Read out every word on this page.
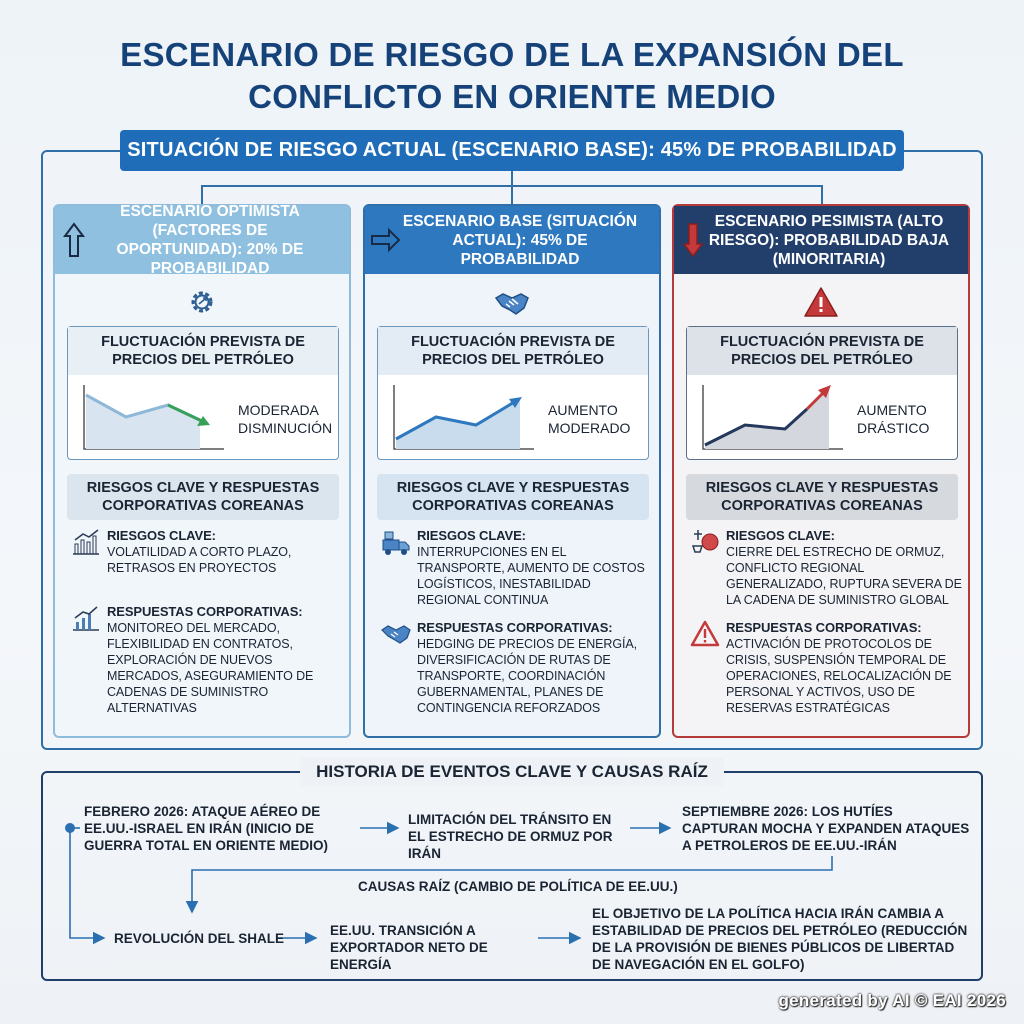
ESCENARIO DE RIESGO DE LA EXPANSIÓN DEL CONFLICTO EN ORIENTE MEDIO
SITUACIÓN DE RIESGO ACTUAL (ESCENARIO BASE): 45% DE PROBABILIDAD
ESCENARIO OPTIMISTA (FACTORES DE OPORTUNIDAD): 20% DE PROBABILIDAD
FLUCTUACIÓN PREVISTA DE PRECIOS DEL PETRÓLEO
MODERADA DISMINUCIÓN
RIESGOS CLAVE Y RESPUESTAS CORPORATIVAS COREANAS
RIESGOS CLAVE:
VOLATILIDAD A CORTO PLAZO, RETRASOS EN PROYECTOS
RESPUESTAS CORPORATIVAS:
MONITOREO DEL MERCADO, FLEXIBILIDAD EN CONTRATOS, EXPLORACIÓN DE NUEVOS MERCADOS, ASEGURAMIENTO DE CADENAS DE SUMINISTRO ALTERNATIVAS
ESCENARIO BASE (SITUACIÓN ACTUAL): 45% DE PROBABILIDAD
FLUCTUACIÓN PREVISTA DE PRECIOS DEL PETRÓLEO
AUMENTO MODERADO
RIESGOS CLAVE Y RESPUESTAS CORPORATIVAS COREANAS
RIESGOS CLAVE:
INTERRUPCIONES EN EL TRANSPORTE, AUMENTO DE COSTOS LOGÍSTICOS, INESTABILIDAD REGIONAL CONTINUA
RESPUESTAS CORPORATIVAS:
HEDGING DE PRECIOS DE ENERGÍA, DIVERSIFICACIÓN DE RUTAS DE TRANSPORTE, COORDINACIÓN GUBERNAMENTAL, PLANES DE CONTINGENCIA REFORZADOS
ESCENARIO PESIMISTA (ALTO RIESGO): PROBABILIDAD BAJA (MINORITARIA)
FLUCTUACIÓN PREVISTA DE PRECIOS DEL PETRÓLEO
AUMENTO DRÁSTICO
RIESGOS CLAVE Y RESPUESTAS CORPORATIVAS COREANAS
RIESGOS CLAVE:
CIERRE DEL ESTRECHO DE ORMUZ, CONFLICTO REGIONAL GENERALIZADO, RUPTURA SEVERA DE LA CADENA DE SUMINISTRO GLOBAL
RESPUESTAS CORPORATIVAS:
ACTIVACIÓN DE PROTOCOLOS DE CRISIS, SUSPENSIÓN TEMPORAL DE OPERACIONES, RELOCALIZACIÓN DE PERSONAL Y ACTIVOS, USO DE RESERVAS ESTRATÉGICAS
HISTORIA DE EVENTOS CLAVE Y CAUSAS RAÍZ
FEBRERO 2026: ATAQUE AÉREO DE EE.UU.-ISRAEL EN IRÁN (INICIO DE GUERRA TOTAL EN ORIENTE MEDIO)
LIMITACIÓN DEL TRÁNSITO EN EL ESTRECHO DE ORMUZ POR IRÁN
SEPTIEMBRE 2026: LOS HUTÍES CAPTURAN MOCHA Y EXPANDEN ATAQUES A PETROLEROS DE EE.UU.-IRÁN
CAUSAS RAÍZ (CAMBIO DE POLÍTICA DE EE.UU.)
REVOLUCIÓN DEL SHALE
EE.UU. TRANSICIÓN A EXPORTADOR NETO DE ENERGÍA
EL OBJETIVO DE LA POLÍTICA HACIA IRÁN CAMBIA A ESTABILIDAD DE PRECIOS DEL PETRÓLEO (REDUCCIÓN DE LA PROVISIÓN DE BIENES PÚBLICOS DE LIBERTAD DE NAVEGACIÓN EN EL GOLFO)
generated by AI © EAI 2026
